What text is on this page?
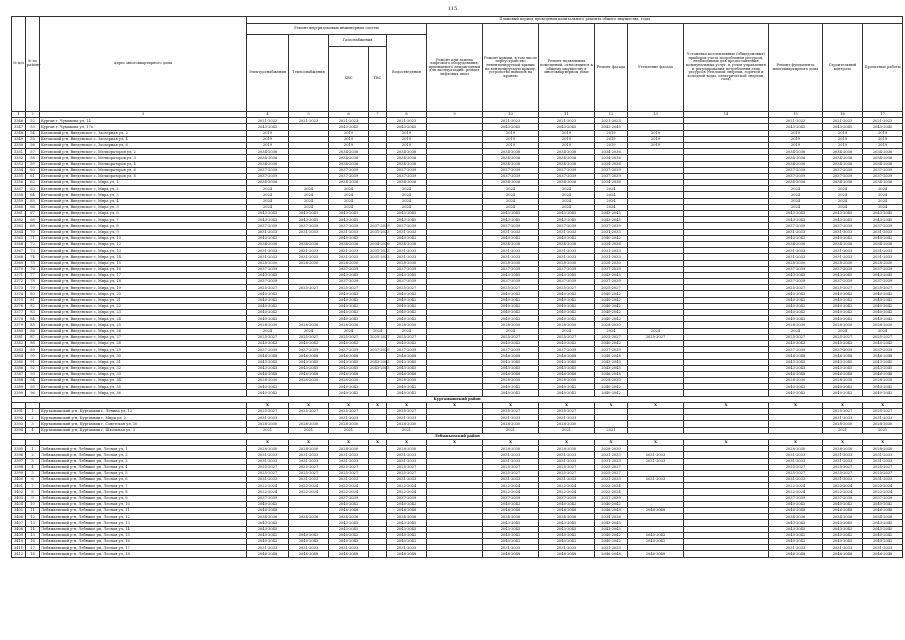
115
№ п/п	№ по району	Адрес многоквартирного дома	Плановый период проведения капитального ремонта общего имущества, годы													
			Ремонт внутридомовых инженерных систем					Ремонт или замена лифтового оборудования, признанного непригодным для эксплуатации, ремонт лифтовых шахт	Ремонт крыши, в том числе переустройство невентилируемой крыши на вентилируемую крышу, устройство выходов на кровлю	Ремонт подвальных помещений, относящихся к общему имуществу в многоквартирном доме	Ремонт фасада	Утепление фасада	Установка коллективных (общедомовых) приборов учета потребления ресурсов, необходимых для предоставления коммунальных услуг, и узлов управления и регулирования потребления этих ресурсов (тепловой энергии, горячей и холодной воды, электрической энергии, газа)	Ремонт фундамента многоквартирного дома	Строительный контроль	Проектные работы
			Электроснабжения	Теплоснабжения	Газоснабжения		Водоотведения									
					ХВС	ГВС										
1	2	3	4	5	6	7	8	9	10	11	12	13	14	15	16	17
3346	52	Курган г, Чумакова ул, 14	2021-2023	2021-2023	2021-2023		2021-2023		2021-2023	2021-2023	2021-2023			2021-2023	2021-2023	2021-2023
3347	53	Курган г, Чумакова ул, 17а	2043-2045		2043-2045		2043-2045		2043-2045	2043-2045	2043-2045			2043-2045	2043-2045	2043-2045
3348	54	Кетовский р-н, Введенское с, Заозерная ул, 2	2019		2019		2019		2019	2019	2019	2019		2019	2019	2019
3349	55	Кетовский р-н, Введенское с, Заозерная ул, 4	2019		2019		2019		2019	2019	2019	2019		2019	2019	2019
3350	56	Кетовский р-н, Введенское с, Заозерная ул, 6	2019		2019		2019		2019	2019	2019	2019		2019	2019	2019
3351	57	Кетовский р-н, Введенское с, Мелиораторов ул, 2	2034-2036		2034-2036		2034-2036		2034-2036	2034-2036	2034-2036			2034-2036	2034-2036	2034-2036
3352	58	Кетовский р-н, Введенское с, Мелиораторов ул, 3	2034-2036		2034-2036		2034-2036		2034-2036	2034-2036	2034-2036			2034-2036	2034-2036	2034-2036
3353	59	Кетовский р-н, Введенское с, Мелиораторов ул, 4	2034-2036		2034-2036		2034-2036		2034-2036	2034-2036	2034-2036			2034-2036	2034-2036	2034-2036
3354	60	Кетовский р-н, Введенское с, Мелиораторов ул, 6	2037-2039		2037-2039		2037-2039		2037-2039	2037-2039	2037-2039			2037-2039	2037-2039	2037-2039
3355	61	Кетовский р-н, Введенское с, Мелиораторов ул, 8	2037-2039		2037-2039		2037-2039		2037-2039	2037-2039	2037-2039			2037-2039	2037-2039	2037-2039
3356	62	Кетовский р-н, Введенское с, Мира ул, 1	2034-2036		2034-2036		2034-2036		2034-2036	2034-2036	2034-2036			2034-2036	2034-2036	2034-2036
3357	63	Кетовский р-н, Введенское с, Мира ул, 2	2024	2024	2024		2024		2024	2024	2024			2024	2024	2024
3358	64	Кетовский р-н, Введенское с, Мира ул, 3	2024	2024	2024		2024		2024	2024	2024			2024	2024	2024
3359	65	Кетовский р-н, Введенское с, Мира ул, 4	2024	2024	2024		2024		2024	2024	2024			2024	2024	2024
3360	66	Кетовский р-н, Введенское с, Мира ул, 5	2024	2024	2024		2024		2024	2024	2024			2024	2024	2024
3361	67	Кетовский р-н, Введенское с, Мира ул, 6	2043-2045	2043-2045	2043-2045		2043-2045		2043-2045	2043-2045	2043-2045			2043-2045	2043-2045	2043-2045
3362	68	Кетовский р-н, Введенское с, Мира ул, 7	2043-2045	2043-2045	2043-2045		2043-2045		2043-2045	2043-2045	2043-2045			2043-2045	2043-2045	2043-2045
3363	69	Кетовский р-н, Введенское с, Мира ул, 8	2037-2039	2037-2039	2037-2039	2037-2039	2037-2039		2037-2039	2037-2039	2037-2039			2037-2039	2037-2039	2037-2039
3364	70	Кетовский р-н, Введенское с, Мира ул, 9	2031-2033	2031-2033	2031-2033	2031-2033	2031-2033		2031-2033	2031-2033	2031-2033			2031-2033	2031-2033	2031-2033
3365	71	Кетовский р-н, Введенское с, Мира ул, 10	2040-2042		2040-2042		2040-2042		2040-2042	2040-2042	2040-2042			2040-2042	2040-2042	2040-2042
3366	72	Кетовский р-н, Введенское с, Мира ул, 12	2034-2036	2034-2036	2034-2036	2034-2036	2034-2036		2034-2036	2034-2036	2034-2036			2034-2036	2034-2036	2034-2036
3367	73	Кетовский р-н, Введенское с, Мира ул, 13	2031-2033	2031-2033	2031-2033	2031-2033	2031-2033		2031-2033	2031-2033	2031-2033			2031-2033	2031-2033	2031-2033
3368	74	Кетовский р-н, Введенское с, Мира ул, 14	2031-2033	2031-2033	2031-2033	2031-2033	2031-2033		2031-2033	2031-2033	2031-2033			2031-2033	2031-2033	2031-2033
3369	75	Кетовский р-н, Введенское с, Мира ул, 15	2028-2030	2028-2030	2028-2030		2028-2030		2028-2030	2028-2030	2028-2030			2028-2030	2028-2030	2028-2030
3370	76	Кетовский р-н, Введенское с, Мира ул, 16	2037-2039		2037-2039		2037-2039		2037-2039	2037-2039	2037-2039			2037-2039	2037-2039	2037-2039
3371	77	Кетовский р-н, Введенское с, Мира ул, 17	2043-2045		2043-2045		2043-2045		2043-2045	2043-2045	2043-2045			2043-2045	2043-2045	2043-2045
3372	78	Кетовский р-н, Введенское с, Мира ул, 18	2037-2039		2037-2039		2037-2039		2037-2039	2037-2039	2037-2039			2037-2039	2037-2039	2037-2039
3373	79	Кетовский р-н, Введенское с, Мира ул, 19	2025-2027	2025-2027	2025-2027		2025-2027		2025-2027	2025-2027	2025-2027			2025-2027	2025-2027	2025-2027
3374	80	Кетовский р-н, Введенское с, Мира ул, 20	2040-2042		2040-2042		2040-2042		2040-2042	2040-2042	2040-2042			2040-2042	2040-2042	2040-2042
3375	81	Кетовский р-н, Введенское с, Мира ул, 21	2040-2042		2040-2042		2040-2042		2040-2042	2040-2042	2040-2042			2040-2042	2040-2042	2040-2042
3376	82	Кетовский р-н, Введенское с, Мира ул, 22	2040-2042		2040-2042		2040-2042		2040-2042	2040-2042	2040-2042			2040-2042	2040-2042	2040-2042
3377	83	Кетовский р-н, Введенское с, Мира ул, 23	2040-2042		2040-2042		2040-2042		2040-2042	2040-2042	2040-2042			2040-2042	2040-2042	2040-2042
3378	84	Кетовский р-н, Введенское с, Мира ул, 24	2040-2042		2040-2042		2040-2042		2040-2042	2040-2042	2040-2042			2040-2042	2040-2042	2040-2042
3379	85	Кетовский р-н, Введенское с, Мира ул, 25	2028-2030	2028-2030	2028-2030		2028-2030		2028-2030	2028-2030	2028-2030			2028-2030	2028-2030	2028-2030
3380	86	Кетовский р-н, Введенское с, Мира ул, 26	2024	2024	2024	2024	2024		2024	2024	2024	2024		2024	2024	2024
3381	87	Кетовский р-н, Введенское с, Мира ул, 27	2025-2027	2025-2027	2025-2027	2025-2027	2025-2027		2025-2027	2025-2027	2025-2027	2025-2027		2025-2027	2025-2027	2025-2027
3382	88	Кетовский р-н, Введенское с, Мира ул, 28	2040-2042	2040-2042	2040-2042		2040-2042		2040-2042	2040-2042	2040-2042			2040-2042	2040-2042	2040-2042
3383	89	Кетовский р-н, Введенское с, Мира ул, 29	2037-2039	2037-2039	2037-2039	2037-2039	2037-2039		2037-2039	2037-2039	2037-2039			2037-2039	2037-2039	2037-2039
3384	90	Кетовский р-н, Введенское с, Мира ул, 30	2046-2048	2046-2048	2046-2048		2046-2048		2046-2048	2046-2048	2046-2048			2046-2048	2046-2048	2046-2048
3385	91	Кетовский р-н, Введенское с, Мира ул, 31	2043-2045	2043-2045	2043-2045	2043-2045	2043-2045		2043-2045	2043-2045	2043-2045			2043-2045	2043-2045	2043-2045
3386	92	Кетовский р-н, Введенское с, Мира ул, 32	2043-2045	2043-2045	2043-2045	2043-2045	2043-2045		2043-2045	2043-2045	2043-2045			2043-2045	2043-2045	2043-2045
3387	93	Кетовский р-н, Введенское с, Мира ул, 33	2046-2048	2046-2048	2046-2048		2046-2048		2046-2048	2046-2048	2046-2048			2046-2048	2046-2048	2046-2048
3388	94	Кетовский р-н, Введенское с, Мира ул, 34	2028-2030	2028-2030	2028-2030		2028-2030		2028-2030	2028-2030	2028-2030			2028-2030	2028-2030	2028-2030
3389	95	Кетовский р-н, Введенское с, Мира ул, 35	2040-2042		2040-2042		2040-2042		2040-2042	2040-2042	2040-2042			2040-2042	2040-2042	2040-2042
3390	96	Кетовский р-н, Введенское с, Мира ул, 36	2040-2042		2040-2042		2040-2042		2040-2042	2040-2042	2040-2042			2040-2042	2040-2042	2040-2042
Куртамышский район																
			X	X	X	X	X	X	X	X	X	X	X	X	X	X
3391	1	Куртамышский р-н, Куртамыш г, Ленина ул, 12	2025-2027	2025-2027	2025-2027		2025-2027		2025-2027	2025-2027					2025-2027	2025-2027
3392	2	Куртамышский р-н, Куртамыш г, Мира ул, 2	2031-2033		2031-2033		2031-2033		2031-2033	2031-2033					2031-2033	2031-2033
3393	3	Куртамышский р-н, Куртамыш г, Советская ул, 10	2028-2030	2028-2030	2028-2030		2028-2030		2028-2030	2028-2030					2028-2030	2028-2030
3394	4	Куртамышский р-н, Куртамыш г, Школьная ул, 3	2021	2021	2021		2021		2021	2021	2021				2021	2021
Лебяжьевский район																
			X	X	X	X	X	X	X	X	X	X	X	X	X	X
3395	1	Лебяжьевский р-н, Лебяжье рп, Лесная ул, 1	2028-2030	2028-2030	2028-2030		2028-2030		2028-2030	2028-2030	2028-2030			2028-2030	2028-2030	2028-2030
3396	2	Лебяжьевский р-н, Лебяжье рп, Лесная ул, 2	2031-2033	2031-2033	2031-2033		2031-2033		2031-2033	2031-2033	2031-2033	2031-2033		2031-2033	2031-2033	2031-2033
3397	3	Лебяжьевский р-н, Лебяжье рп, Лесная ул, 3	2031-2033	2031-2033	2031-2033		2031-2033		2031-2033	2031-2033	2031-2033	2031-2033		2031-2033	2031-2033	2031-2033
3398	4	Лебяжьевский р-н, Лебяжье рп, Лесная ул, 4	2025-2027	2025-2027	2025-2027		2025-2027		2025-2027	2025-2027	2025-2027			2025-2027	2025-2027	2025-2027
3399	5	Лебяжьевский р-н, Лебяжье рп, Лесная ул, 5	2025-2027	2025-2027	2025-2027		2025-2027		2025-2027	2025-2027	2025-2027			2025-2027	2025-2027	2025-2027
3400	6	Лебяжьевский р-н, Лебяжье рп, Лесная ул, 6	2031-2033	2031-2033	2031-2033		2031-2033		2031-2033	2031-2033	2031-2033	2031-2033		2031-2033	2031-2033	2031-2033
3401	7	Лебяжьевский р-н, Лебяжье рп, Лесная ул, 7	2022-2024	2022-2024	2022-2024		2022-2024		2022-2024	2022-2024	2022-2024			2022-2024	2022-2024	2022-2024
3402	8	Лебяжьевский р-н, Лебяжье рп, Лесная ул, 8	2022-2024	2022-2024	2022-2024		2022-2024		2022-2024	2022-2024	2022-2024			2022-2024	2022-2024	2022-2024
3403	9	Лебяжьевский р-н, Лебяжье рп, Лесная ул, 9	2037-2039		2037-2039		2037-2039		2037-2039	2037-2039	2037-2039			2037-2039	2037-2039	2037-2039
3404	10	Лебяжьевский р-н, Лебяжье рп, Лесная ул, 10	2040-2042		2040-2042		2040-2042		2040-2042	2040-2042	2040-2042			2040-2042	2040-2042	2040-2042
3405	11	Лебяжьевский р-н, Лебяжье рп, Лесная ул, 11	2046-2048		2046-2048		2046-2048		2046-2048	2046-2048	2046-2048	2046-2048		2046-2048	2046-2048	2046-2048
3406	12	Лебяжьевский р-н, Лебяжье рп, Лесная ул, 12	2034-2036	2034-2036	2034-2036		2034-2036		2034-2036	2034-2036	2034-2036			2034-2036	2034-2036	2034-2036
3407	13	Лебяжьевский р-н, Лебяжье рп, Лесная ул, 13	2043-2045		2043-2045		2043-2045		2043-2045	2043-2045	2043-2045			2043-2045	2043-2045	2043-2045
3408	14	Лебяжьевский р-н, Лебяжье рп, Лесная ул, 14	2043-2045		2043-2045		2043-2045		2043-2045	2043-2045	2043-2045			2043-2045	2043-2045	2043-2045
3409	15	Лебяжьевский р-н, Лебяжье рп, Лесная ул, 15	2040-2042	2040-2042	2040-2042		2040-2042		2040-2042	2040-2042	2040-2042	2040-2042		2040-2042	2040-2042	2040-2042
3410	16	Лебяжьевский р-н, Лебяжье рп, Лесная ул, 16	2040-2042	2040-2042	2040-2042		2040-2042		2040-2042	2040-2042	2040-2042	2040-2042		2040-2042	2040-2042	2040-2042
3411	17	Лебяжьевский р-н, Лебяжье рп, Лесная ул, 17	2031-2033	2031-2033	2031-2033		2031-2033		2031-2033	2031-2033	2031-2033			2031-2033	2031-2033	2031-2033
3412	18	Лебяжьевский р-н, Лебяжье рп, Лесная ул, 18	2046-2048	2046-2048	2046-2048		2046-2048		2046-2048	2046-2048	2046-2048	2046-2048		2046-2048	2046-2048	2046-2048
